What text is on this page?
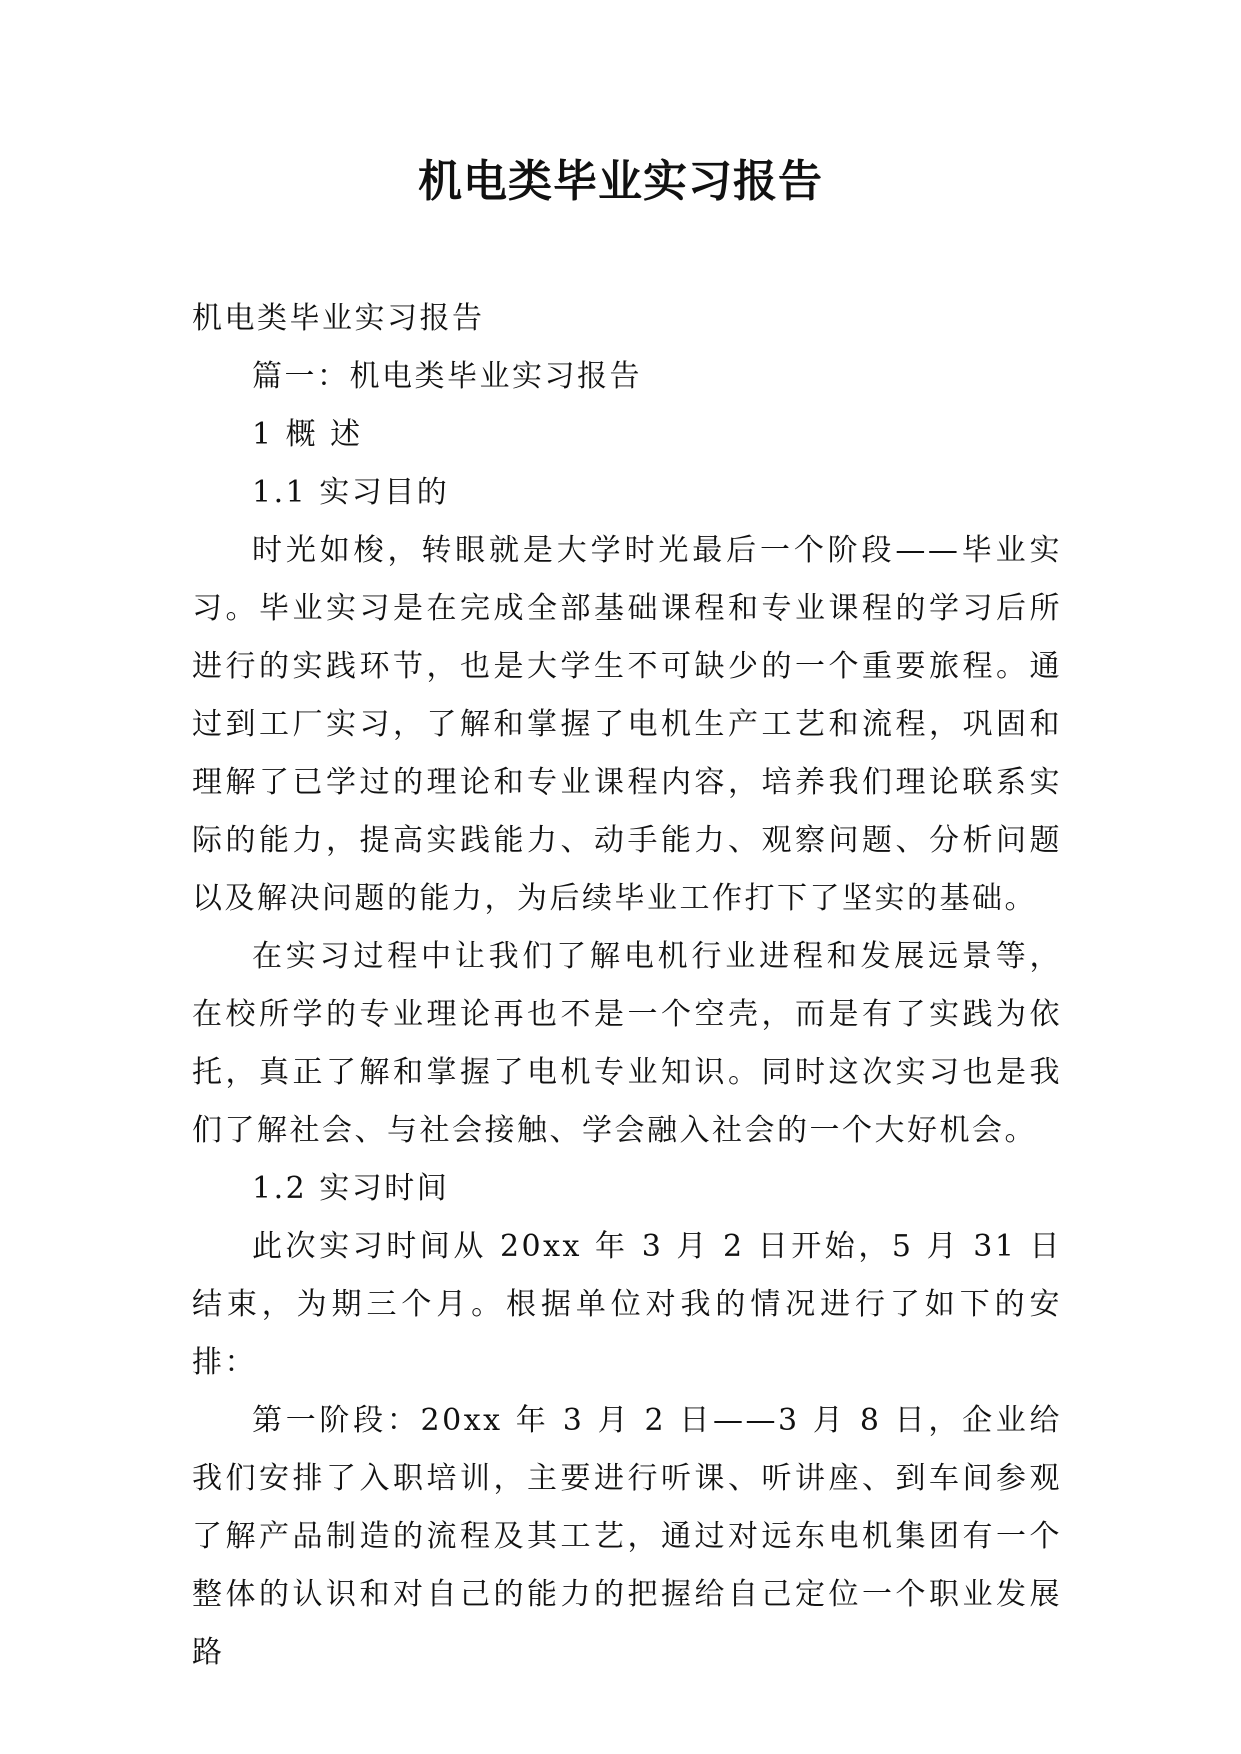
机电类毕业实习报告

机电类毕业实习报告

篇一：机电类毕业实习报告

1 概 述

1.1 实习目的

时光如梭，转眼就是大学时光最后一个阶段——毕业实习。毕业实习是在完成全部基础课程和专业课程的学习后所进行的实践环节，也是大学生不可缺少的一个重要旅程。通过到工厂实习，了解和掌握了电机生产工艺和流程，巩固和理解了已学过的理论和专业课程内容，培养我们理论联系实际的能力，提高实践能力、动手能力、观察问题、分析问题以及解决问题的能力，为后续毕业工作打下了坚实的基础。

在实习过程中让我们了解电机行业进程和发展远景等，在校所学的专业理论再也不是一个空壳，而是有了实践为依托，真正了解和掌握了电机专业知识。同时这次实习也是我们了解社会、与社会接触、学会融入社会的一个大好机会。

1.2 实习时间

此次实习时间从 20xx 年 3 月 2 日开始，5 月 31 日结束，为期三个月。根据单位对我的情况进行了如下的安排：

第一阶段：20xx 年 3 月 2 日——3 月 8 日，企业给我们安排了入职培训，主要进行听课、听讲座、到车间参观了解产品制造的流程及其工艺，通过对远东电机集团有一个整体的认识和对自己的能力的把握给自己定位一个职业发展路
